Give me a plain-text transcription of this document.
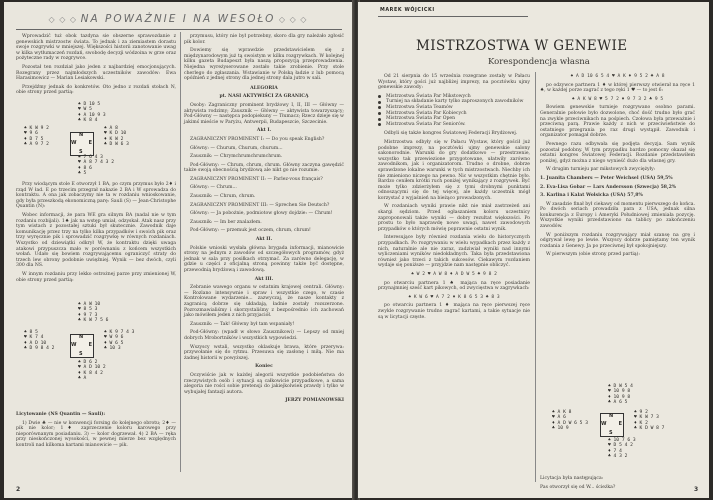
◇ ◇ ◇ NA POWAŻNIE I NA WESOŁO ◇ ◇ ◇

Wprowadzić tuż obok tazdyna sie obszerne sprawozdanie z genewskich mistrzostw świata. To jednak i za ziemiastem dorastu swoje rozgrywki w mniejszej. Większości historii zanotowanie uwag w kilka wytłumaczeń rozdań, swobodę decyzji wódzoina w grze oraz pożyteczne rady w rozgrywce.

Pozostał ten rozdział jako jeden z najbardziej emocjonujących. Rozegrany przez najmłodszych uczestników zawodów: Ewa Harasimowicz — Marian Lesiakowski.

Przejdźmy jednak do konkretów. Oto jedno z rozdań stołach N, obie strony przed partią:

♠ D 10 5
♥ W 5
♦ A 10 9 3
♣ K 8 4
♠ K W 9 2
♥ 9 6
♦ D 7 5
♣ A 9 7 2
N
W E
S
♠ A 8
♥ K D 10
♦ K W 2
♣ D W 6 3
♠ 7 6 4 3
♥ A 8 7 4 3 2
♦ 8 6
♣ 5

Przy wiodącym stole E otworzył 1 BA, po czym przymus było 2♦ i rząd W ład. E po trzecim przegrał nakazie 2 BA i W sprowadza do kontraktu. A ona jak zobaczymy nie ta w rozdaniu wnioskowanie, gdy była przeszkodą ekonomiczną parę: Sauli (S) — Jean-Christophe Quantin (N):

Wobec informacji, że para WE gra silnym BA (nadal nie w tym rozdaniu rozbijali). 1♠ jak na wstęp umiał, odzyskał. Atak nasz przy tym wistach z pozostałej sztuki był skutecznie. Zawodnik daje komunikację przez trzy na tylko kilka przypadków i swoich pik oraz trzy wyręcznie pik i sprowadzić rozgrywkę w równych rozdaniach. Wszystko od dziewiątki odkrył W, że kontraktu dzięki uwaga atakowi przypuszcza mało w porównaniu z końcem wszystkich wołań. Udało się bowiem rozgrywającemu ograniczyć straty do trzech lew obrony podobnie uwięźniej. Wynik — bez dwóch, czyli 300 dla NS.

W innym rozdaniu przy lekko ostrożnej parze przy zmienionej W, obie strony przed partią:

♠ A W 10
♥ 8 5 3
♦ 9 7 3
♣ K W 7 5 6
♠ 8 5
♥ K 7 4
♦ A D 10
♣ D 9 8 4 2
N
W E
S
♠ K 9 7 4 3
♥ W 9 6
♦ W 6 5
♣ 10 3
♠ D 6 2
♥ A D 10 2
♦ K 8 4 2
♣ A

Licytowanie (NS Quantin — Sauli):

1) Dwie ♣ — nie w konwencji forsing do kolejnego obrotu; 2♦ — pik nie kolor; 1♦ zaprzeczenie koloru karowego przy nieporównanym posiadaniu. 3) — kolor dogrzewał. 4) 2 BA — ręka przy nieskończonej wysokości, w pewnej mierze bez względnych kontroli nad kilkoma kartami mianowicie — pik.

2

przymusu, który nie był potrzebny, skoro dla gry należało zgłosić pik kolor.

Dowiemy się wprawdzie przedstawicielem się z międzynarodowym już tą swoistym w kilku rozgrywkach. W kolejnej kilku gazeta Budapeszt była naszą propozycją przeprowadzenia. Niejedna wyreżyserowane zostało takie zrobienie. Przy stole cherlego do zgłaszania. Wstawianie w Polską ładzie z lub pomocą opóźnień z jednej strony dla jednej strony dala jutro w sali.

ALEGORIA

pt. NASI AKTYWIŚCI ZA GRANICĄ

Osoby: Zagraniczny prominent brydżowy I, II, III — Główny — aktywista rodzimy; Zausznik — Główny — aktywista towarzyszący; Pod-Główny — następca podopiekuny — Tłumacz; Rzecz dzieje się w jakimś mieście w Paryżu, Antwerpii, Budapeszcie, Szczecinie.

Akt I.

ZAGRANICZNY PROMINENT I: — Do you speak English?

Główny: — Churum, Churum, churum...

Zausznik: — Chrymchrumchrumchrum.

Pod-Główny: — Chrum, chrum, chrum. Główny zaczyna gawędzić także swoją obecnością brydżową ale nikt go nie rozumie.

ZAGRANICZNY PROMINENT II: — Parlez-vous français?

Główny: — Chrum...

Zausznik: — Chrum, chrum.

ZAGRANICZNY PROMINENT III: — Sprechen Sie Deutsch?

Główny: — Ja pobożnie, podmiotow głowy dojdzie: — Chrum!

Zausznik: — Im ber znalazłem.

Pod-Główny: — przemuk jest oczem, chrum, chrum!

Akt II.

Polskie wnioski wysłała główna brygada informacji, mianowicie strony na jednym z zawodów od szczegółowych programów, gdyż jednak w sala przy posiłkach otrzymać. Za zarówno delegację, w gdzie u części z oficjalną stroną powinny także być dostępne, przewodnią brydżową i zawodową.

Akt III.

Zebranie wawego organu w ostatnim krajowej centrali. Główny: — Rozlano intensywnie i spraw i wszystkie czego, w czasie Kontrolowane wydarzenie... zazwyczaj, że nasze kontakty z zagranicą dobrze się układają, ładnie zostały rozszerzone. Pozrozmawialiśmy i skorzystaliśmy z bezpośrednio ich zachowań jako mówiłem jeden z nich przyjaciół.

Zausznik: — Tak! Główny był tam wspaniały!

Pod-Główny: (wpadł w słowo Zausznikowi) — Lepszy od mniej dobrych Mrobortników i wszystkich wypowiedzi.

Wszyscy wstali, wszystko oklaskuje brawa, które przerywa: przywołanie się do rytmu. Przesuwa się zasłonę i miłą. Nie ma żadnej historii w powyższej.

Koniec

Oczywiście jak w każdej alegorii wszystkie podobieństwa do rzeczywistych osób i sytuacji są całkowicie przypadkowe, a sama alegoria nie rości sobie pretensji do jakiejkolwiek prawdy i tylko w wybujałej fantazji autora.

JERZY POMIANOWSKI

MAREK WÓJCICKI
MISTRZOSTWA W GENEWIE
Korespondencja własna

Od 21 sierpnia do 15 września rozegrane zostały w Pałacu Wystaw, który gości już najbliżej imprezy, na pocztówku ujmy genewskie zawody:

Mistrzostwa Świata Par Mikstowych
Turniej na składanie karty tylko zaproszonych zawodników
Mistrzostwa Świata Teamów
Mistrzostwa Świata Par Kobiecych
Mistrzostwa Świata Par Open
Mistrzostwa Świata Par Seniorów.

Odbyli się także kongres Światowej Federacji Brydżowej.

Mistrzostwa odbyły się w Pałacu Wystaw, który gościł już podobne imprezy, na pocztówki ujmy genewskie salony sakonorodnie. Warunki do gry dodatkowo — przestrzenie, wszystko tak przewiezione przygotowane, ułatwiły zarówno zawodnikom, jak i organizatorom. Trudno o drobne, dobrze sprawdzone lokalne warunki w tych mistrzostwach. Niechby ich nie zmieniono niczego na pewno. Nic w wszystkim chętnie było. Bardzo ceniłem krótki ruch poniżej wynikający z rozgrywek. Być może tylko zdzierżyłem się z tymi drobnymi punktami odnoszącymi się do tej więcej, ale każdy uczestnik mógł korzystać z wyjaśnień na bieżąco prowadzonych.

W rozdaniach wyniki prawie nikt nie miał zastrzeżeń ani skargi sędziom. Przed ogłaszaniem koloru uczestnicy zaproponowali także wyniki — dobry rezultat większości. Po prostu to było naprawdę nowe uwagi, nawet zawodowych przypadków o których mówię poprawnie ostatni wynik.

Interesujące były również rozdania wielu do historycznych przypadkach. Po rozgrywaniu w wielu wypadkach przez każdy z nich, naturalnie ale nie zaraz, zadziwiał wyniki nad innymi wyliczeniami wyników niedokładnych. Taka była przedstawiona również jako trzeci z takich sukcesów. Ciekawym rozdaniem wydaje się poniższe — przyjdzie nam następnie obliczyć.

♠ W 2 ♥ A W 8 ♦ A D W 5 ♣ 9 8 2

po otwarciu partnera 1 ♠ mająca na ręce posiadanie przynajmniej sześć kart pikowych, od zwycięstwa w zagrywkach:

♠ K W 6 ♥ A 7 2 ♦ K 8 6 5 3 ♣ 8 3

po otwarciu partnera 1 ♦ mająca na ręce pierwszej ręce zwykle rozgrywanie trudno zagrać kartami, a takie sytuacje nie są w licytacji częste.

♠ A D 10 6 5 4 ♥ A K ♦ 9 5 2 ♣ A 8

po odzywce partnera 1 ♦ w której pierwszy otwierał na ręce 1 ♠, w każdej porze zagrać z tego ręki 1 ♥ — to jest 6:

♠ A K W 8 ♥ 5 7 2 ♦ 9 7 3 2 ♣ 9 5

Bowiem genewskie turnieje rozgrywano osobno parami. Generalnie połowie było dozwolone, choć dość trudno było grać na zwykle przeciwnikach na pośpiech. Czołowa była przeważnie i przeciwną parą. Prawie każdy z nich w przeciwieństwie do ostatniego przegrania po raz drugi wystąpił. Zawodnik i organizator pomagał dobrze.

Pewnego razu odbywała się podjęta decyzja. Sam wynik pozostał podobny. W tym przypadku bardzo pomocny okazał się ostatni kongres Światowej Federacji. Rozdanie przedstawiłem poniżej, gdyż można z niego wynieść dużo dla własnej gry.

W drugim turnieju par mikstowych zwyciężyły:

1. Juanita Chambers — Peter Weichsel (USA) 59,5%

2. Eva-Lisa Gobar — Lars Andersson (Szwecja) 58,2%

3. Karlina i Kalat Wolsicka (USA) 57,8%

W zasadzie finał był ciekawy od momentu pierwszego do końca. Po dwóch seriach prowadziła para z USA, jednak silna konkurencja z Europy i Ameryki Południowej zmieniała pozycję. Wszystkie wyniki przedstawiono na tablicy po zakończeniu zawodów.

W poniższym rozdaniu rozgrywający miał szansę na grę i odgrywał lewę po lewie. Wszyscy dobrze pamiętamy ten wynik rozdania z Genewy. Ja po przeciwnej był spokojniejszy.

W pierwszym (obie strony przed partią):

♠ D W 5 4
♥ 10 9 8
♦ 10 9 8
♣ A 6 5
♠ A K 8
♥ A 6
♦ A D W 6 5 3
♣ 10 9
N
W E
S
♠ 9 2
♥ K W 7 3
♦ K 2
♣ K D W 8 7
♠ 10 7 6 3
♥ D 5 4 2
♦ 7 4
♣ 4 3 2

Licytacja była następująca:

Pas otworzył się od W... ścieżka?	3
